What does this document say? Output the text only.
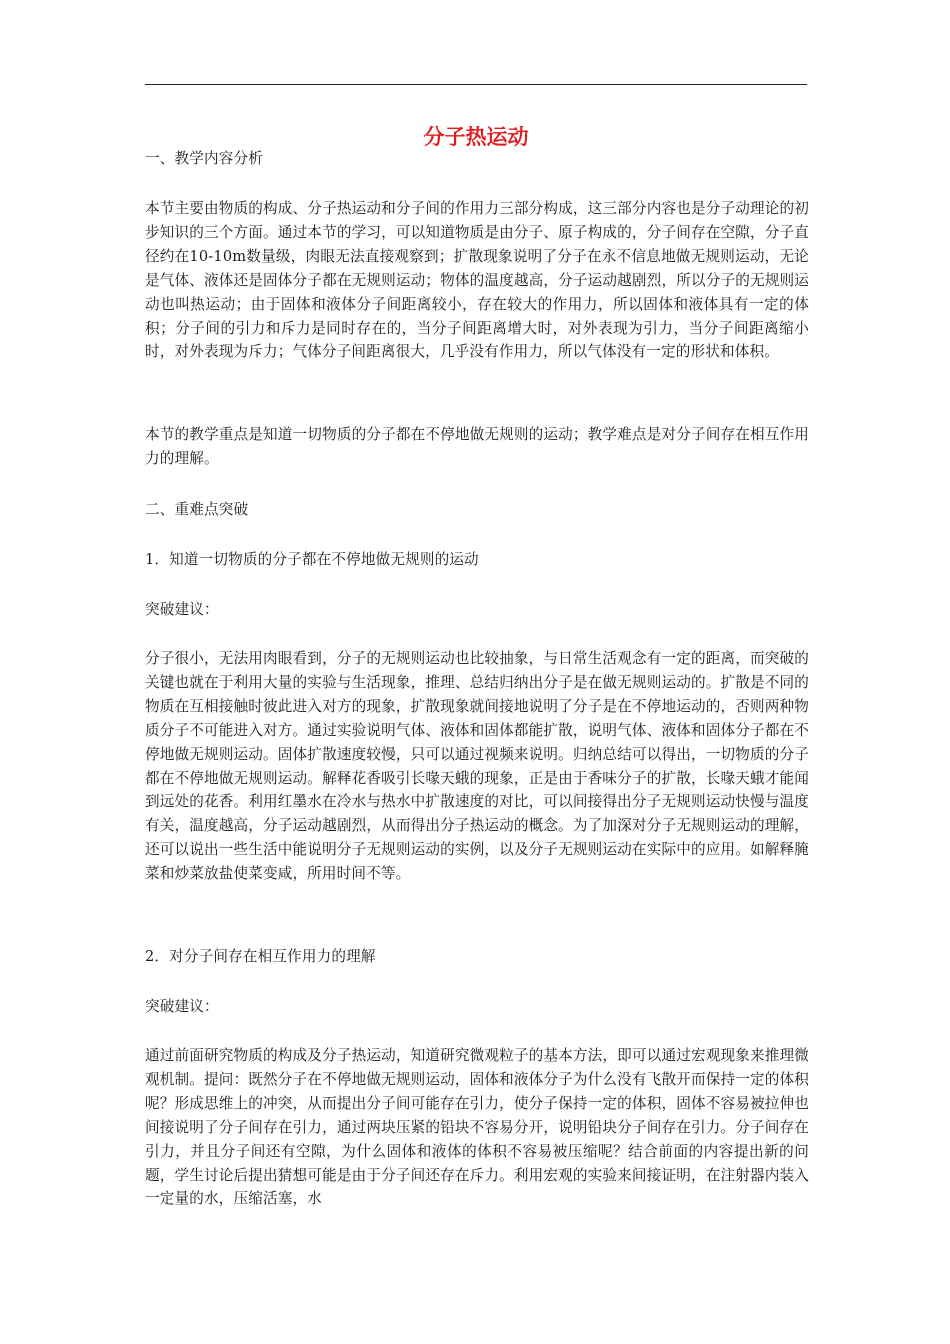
分子热运动

一、教学内容分析

本节主要由物质的构成、分子热运动和分子间的作用力三部分构成，这三部分内容也是分子动理论的初步知识的三个方面。通过本节的学习，可以知道物质是由分子、原子构成的，分子间存在空隙，分子直径约在10-10m数量级，肉眼无法直接观察到；扩散现象说明了分子在永不信息地做无规则运动，无论是气体、液体还是固体分子都在无规则运动；物体的温度越高，分子运动越剧烈，所以分子的无规则运动也叫热运动；由于固体和液体分子间距离较小，存在较大的作用力，所以固体和液体具有一定的体积；分子间的引力和斥力是同时存在的，当分子间距离增大时，对外表现为引力，当分子间距离缩小时，对外表现为斥力；气体分子间距离很大，几乎没有作用力，所以气体没有一定的形状和体积。

本节的教学重点是知道一切物质的分子都在不停地做无规则的运动；教学难点是对分子间存在相互作用力的理解。

二、重难点突破

1．知道一切物质的分子都在不停地做无规则的运动

突破建议：

分子很小，无法用肉眼看到，分子的无规则运动也比较抽象，与日常生活观念有一定的距离，而突破的关键也就在于利用大量的实验与生活现象，推理、总结归纳出分子是在做无规则运动的。扩散是不同的物质在互相接触时彼此进入对方的现象，扩散现象就间接地说明了分子是在不停地运动的，否则两种物质分子不可能进入对方。通过实验说明气体、液体和固体都能扩散，说明气体、液体和固体分子都在不停地做无规则运动。固体扩散速度较慢，只可以通过视频来说明。归纳总结可以得出，一切物质的分子都在不停地做无规则运动。解释花香吸引长喙天蛾的现象，正是由于香味分子的扩散，长喙天蛾才能闻到远处的花香。利用红墨水在冷水与热水中扩散速度的对比，可以间接得出分子无规则运动快慢与温度有关，温度越高，分子运动越剧烈，从而得出分子热运动的概念。为了加深对分子无规则运动的理解，还可以说出一些生活中能说明分子无规则运动的实例，以及分子无规则运动在实际中的应用。如解释腌菜和炒菜放盐使菜变咸，所用时间不等。

2．对分子间存在相互作用力的理解

突破建议：

通过前面研究物质的构成及分子热运动，知道研究微观粒子的基本方法，即可以通过宏观现象来推理微观机制。提问：既然分子在不停地做无规则运动，固体和液体分子为什么没有飞散开而保持一定的体积呢？形成思维上的冲突，从而提出分子间可能存在引力，使分子保持一定的体积，固体不容易被拉伸也间接说明了分子间存在引力，通过两块压紧的铅块不容易分开，说明铅块分子间存在引力。分子间存在引力，并且分子间还有空隙，为什么固体和液体的体积不容易被压缩呢？结合前面的内容提出新的问题，学生讨论后提出猜想可能是由于分子间还存在斥力。利用宏观的实验来间接证明，在注射器内装入一定量的水，压缩活塞，水
